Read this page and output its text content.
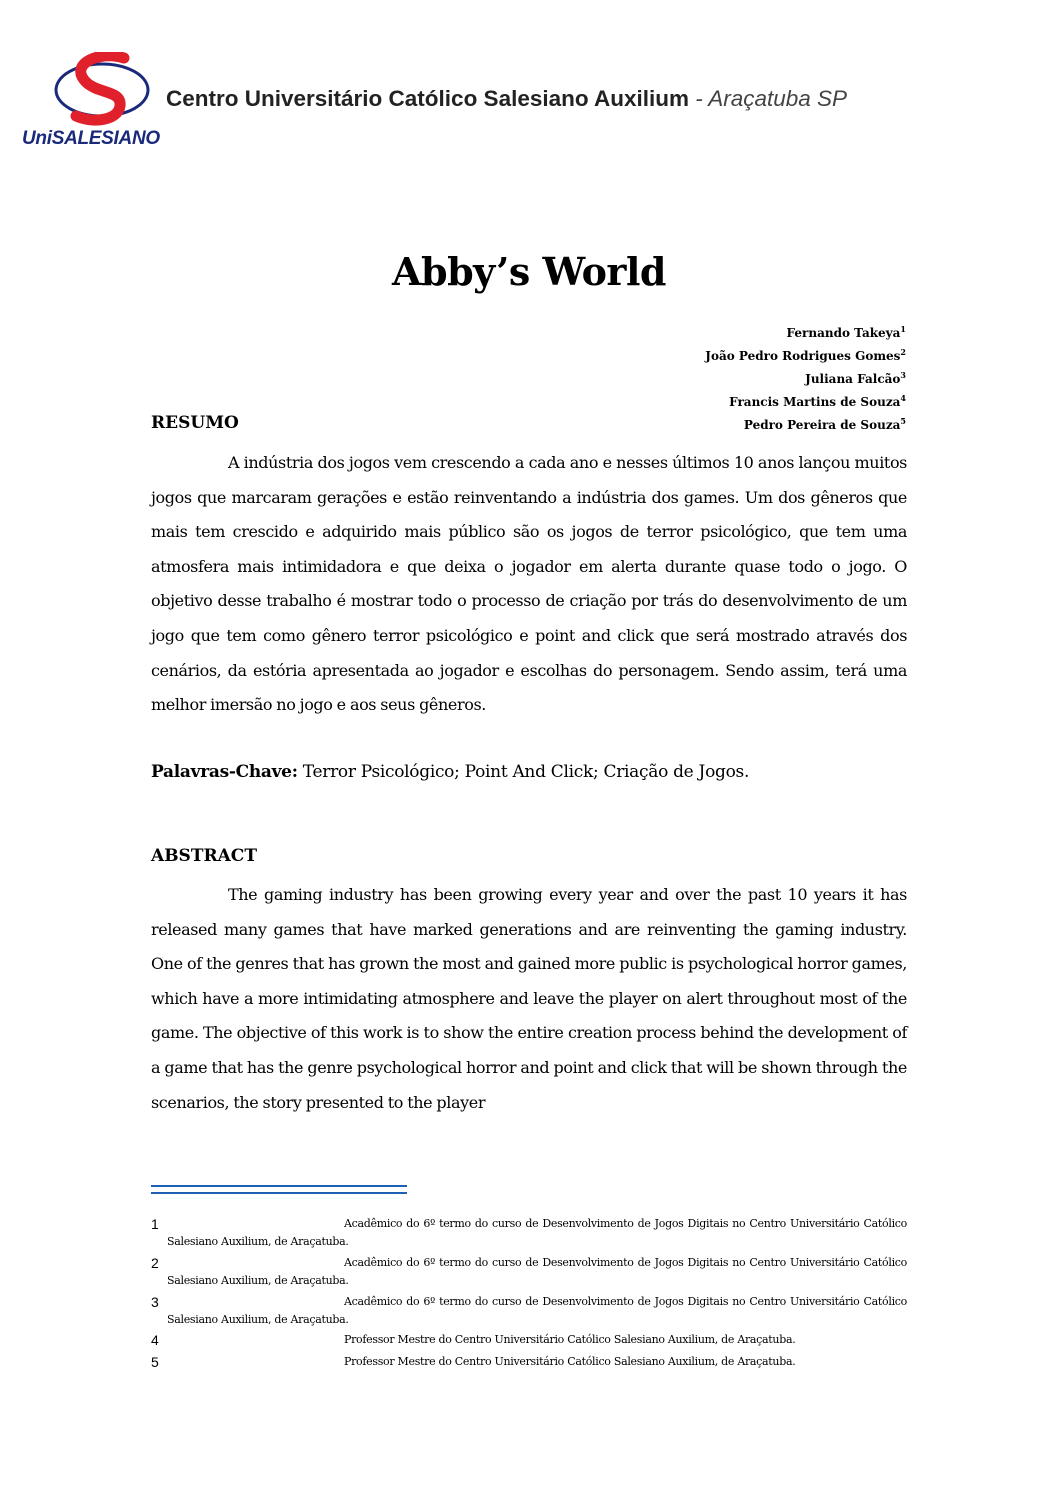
UniSALESIANO
Centro Universitário Católico Salesiano Auxilium - Araçatuba SP
Abby’s World
Fernando Takeya$^1$
João Pedro Rodrigues Gomes$^2$
Juliana Falcão$^3$
Francis Martins de Souza$^4$
Pedro Pereira de Souza$^5$
RESUMO

A indústria dos jogos vem crescendo a cada ano e nesses últimos 10 anos lançou muitos jogos que marcaram gerações e estão reinventando a indústria dos games. Um dos gêneros que mais tem crescido e adquirido mais público são os jogos de terror psicológico, que tem uma atmosfera mais intimidadora e que deixa o jogador em alerta durante quase todo o jogo. O objetivo desse trabalho é mostrar todo o processo de criação por trás do desenvolvimento de um jogo que tem como gênero terror psicológico e point and click que será mostrado através dos cenários, da estória apresentada ao jogador e escolhas do personagem. Sendo assim, terá uma melhor imersão no jogo e aos seus gêneros.

Palavras-Chave: Terror Psicológico; Point And Click; Criação de Jogos.

ABSTRACT

The gaming industry has been growing every year and over the past 10 years it has released many games that have marked generations and are reinventing the gaming industry. One of the genres that has grown the most and gained more public is psychological horror games, which have a more intimidating atmosphere and leave the player on alert throughout most of the game. The objective of this work is to show the entire creation process behind the development of a game that has the genre psychological horror and point and click that will be shown through the scenarios, the story presented to the player

1	Acadêmico do 6º termo do curso de Desenvolvimento de Jogos Digitais no Centro Universitário Católico Salesiano Auxilium, de Araçatuba.
2	Acadêmico do 6º termo do curso de Desenvolvimento de Jogos Digitais no Centro Universitário Católico Salesiano Auxilium, de Araçatuba.
3	Acadêmico do 6º termo do curso de Desenvolvimento de Jogos Digitais no Centro Universitário Católico Salesiano Auxilium, de Araçatuba.
4	Professor Mestre do Centro Universitário Católico Salesiano Auxilium, de Araçatuba.
5	Professor Mestre do Centro Universitário Católico Salesiano Auxilium, de Araçatuba.
